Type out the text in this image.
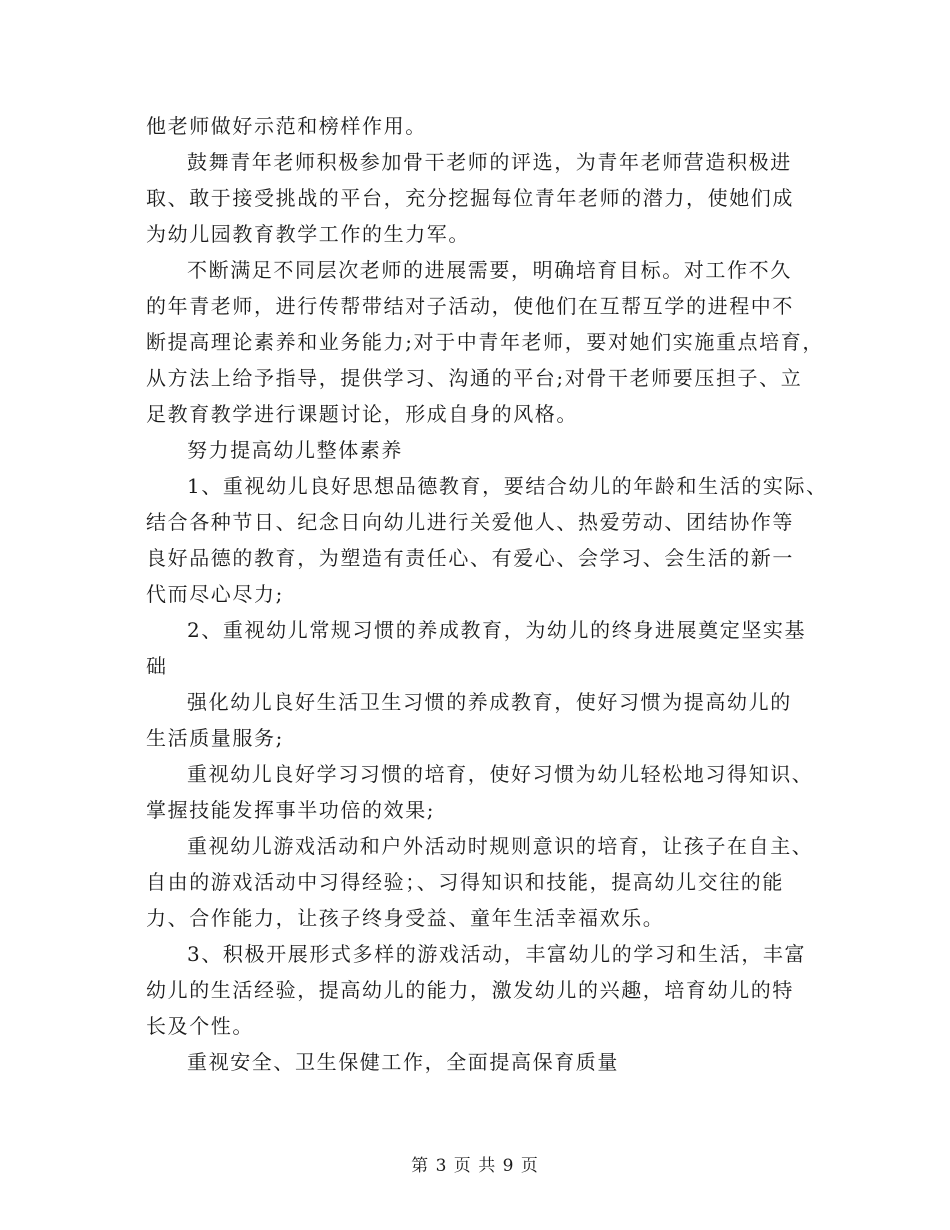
他老师做好示范和榜样作用。
鼓舞青年老师积极参加骨干老师的评选，为青年老师营造积极进
取、敢于接受挑战的平台，充分挖掘每位青年老师的潜力，使她们成
为幼儿园教育教学工作的生力军。
不断满足不同层次老师的进展需要，明确培育目标。对工作不久
的年青老师，进行传帮带结对子活动，使他们在互帮互学的进程中不
断提高理论素养和业务能力;对于中青年老师，要对她们实施重点培育，
从方法上给予指导，提供学习、沟通的平台;对骨干老师要压担子、立
足教育教学进行课题讨论，形成自身的风格。
努力提高幼儿整体素养
1、重视幼儿良好思想品德教育，要结合幼儿的年龄和生活的实际、
结合各种节日、纪念日向幼儿进行关爱他人、热爱劳动、团结协作等
良好品德的教育，为塑造有责任心、有爱心、会学习、会生活的新一
代而尽心尽力;
2、重视幼儿常规习惯的养成教育，为幼儿的终身进展奠定坚实基
础
强化幼儿良好生活卫生习惯的养成教育，使好习惯为提高幼儿的
生活质量服务;
重视幼儿良好学习习惯的培育，使好习惯为幼儿轻松地习得知识、
掌握技能发挥事半功倍的效果;
重视幼儿游戏活动和户外活动时规则意识的培育，让孩子在自主、
自由的游戏活动中习得经验；、习得知识和技能，提高幼儿交往的能
力、合作能力，让孩子终身受益、童年生活幸福欢乐。
3、积极开展形式多样的游戏活动，丰富幼儿的学习和生活，丰富
幼儿的生活经验，提高幼儿的能力，激发幼儿的兴趣，培育幼儿的特
长及个性。
重视安全、卫生保健工作，全面提高保育质量
第 3 页 共 9 页
